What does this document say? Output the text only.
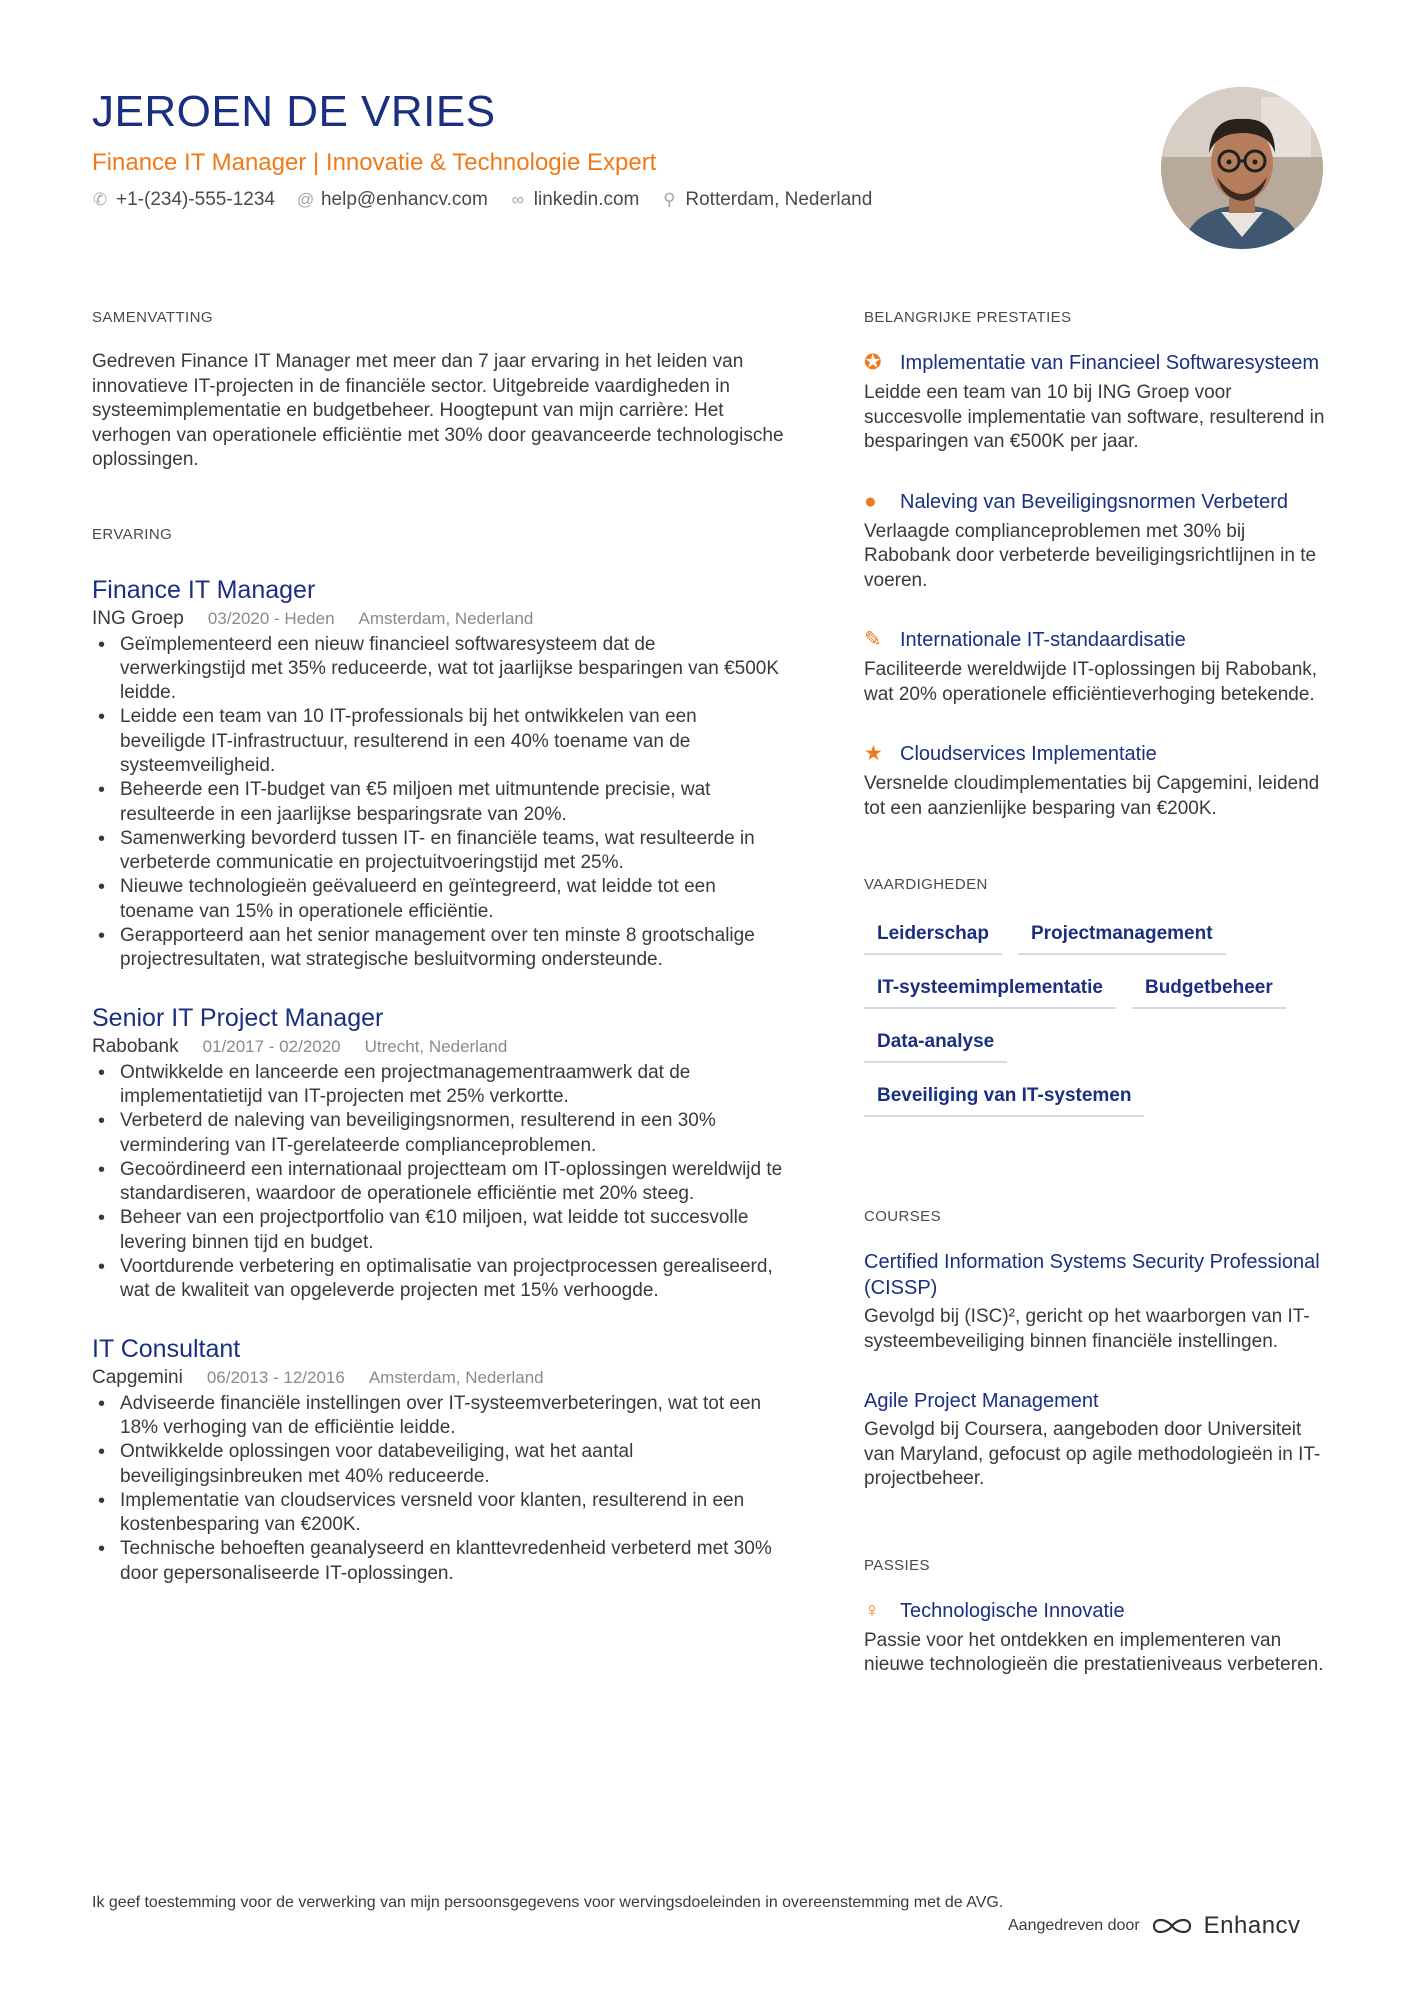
JEROEN DE VRIES
Finance IT Manager | Innovatie & Technologie Expert
✆ +1-(234)-555-1234 @ help@enhancv.com ∞ linkedin.com ⚲ Rotterdam, Nederland
SAMENVATTING
Gedreven Finance IT Manager met meer dan 7 jaar ervaring in het leiden van innovatieve IT-projecten in de financiële sector. Uitgebreide vaardigheden in systeemimplementatie en budgetbeheer. Hoogtepunt van mijn carrière: Het verhogen van operationele efficiëntie met 30% door geavanceerde technologische oplossingen.
ERVARING
Finance IT Manager
ING Groep 03/2020 - Heden Amsterdam, Nederland
• Geïmplementeerd een nieuw financieel softwaresysteem dat de verwerkingstijd met 35% reduceerde, wat tot jaarlijkse besparingen van €500K leidde.
• Leidde een team van 10 IT-professionals bij het ontwikkelen van een beveiligde IT-infrastructuur, resulterend in een 40% toename van de systeemveiligheid.
• Beheerde een IT-budget van €5 miljoen met uitmuntende precisie, wat resulteerde in een jaarlijkse besparingsrate van 20%.
• Samenwerking bevorderd tussen IT- en financiële teams, wat resulteerde in verbeterde communicatie en projectuitvoeringstijd met 25%.
• Nieuwe technologieën geëvalueerd en geïntegreerd, wat leidde tot een toename van 15% in operationele efficiëntie.
• Gerapporteerd aan het senior management over ten minste 8 grootschalige projectresultaten, wat strategische besluitvorming ondersteunde.
Senior IT Project Manager
Rabobank 01/2017 - 02/2020 Utrecht, Nederland
• Ontwikkelde en lanceerde een projectmanagementraamwerk dat de implementatietijd van IT-projecten met 25% verkortte.
• Verbeterd de naleving van beveiligingsnormen, resulterend in een 30% vermindering van IT-gerelateerde complianceproblemen.
• Gecoördineerd een internationaal projectteam om IT-oplossingen wereldwijd te standardiseren, waardoor de operationele efficiëntie met 20% steeg.
• Beheer van een projectportfolio van €10 miljoen, wat leidde tot succesvolle levering binnen tijd en budget.
• Voortdurende verbetering en optimalisatie van projectprocessen gerealiseerd, wat de kwaliteit van opgeleverde projecten met 15% verhoogde.
IT Consultant
Capgemini 06/2013 - 12/2016 Amsterdam, Nederland
• Adviseerde financiële instellingen over IT-systeemverbeteringen, wat tot een 18% verhoging van de efficiëntie leidde.
• Ontwikkelde oplossingen voor databeveiliging, wat het aantal beveiligingsinbreuken met 40% reduceerde.
• Implementatie van cloudservices versneld voor klanten, resulterend in een kostenbesparing van €200K.
• Technische behoeften geanalyseerd en klanttevredenheid verbeterd met 30% door gepersonaliseerde IT-oplossingen.
BELANGRIJKE PRESTATIES
✪ Implementatie van Financieel Softwaresysteem
Leidde een team van 10 bij ING Groep voor succesvolle implementatie van software, resulterend in besparingen van €500K per jaar.
●	Naleving van Beveiligingsnormen Verbeterd
Verlaagde complianceproblemen met 30% bij Rabobank door verbeterde beveiligingsrichtlijnen in te voeren.
✎ Internationale IT-standaardisatie
Faciliteerde wereldwijde IT-oplossingen bij Rabobank, wat 20% operationele efficiëntieverhoging betekende.
★ Cloudservices Implementatie
Versnelde cloudimplementaties bij Capgemini, leidend tot een aanzienlijke besparing van €200K.
VAARDIGHEDEN
Leiderschap	Projectmanagement
IT-systeemimplementatie	Budgetbeheer
Data-analyse
Beveiliging van IT-systemen
COURSES
Certified Information Systems Security Professional (CISSP)
Gevolgd bij (ISC)², gericht op het waarborgen van IT-systeembeveiliging binnen financiële instellingen.
Agile Project Management
Gevolgd bij Coursera, aangeboden door Universiteit van Maryland, gefocust op agile methodologieën in IT-projectbeheer.
PASSIES
♀	Technologische Innovatie
Passie voor het ontdekken en implementeren van nieuwe technologieën die prestatieniveaus verbeteren.
Ik geef toestemming voor de verwerking van mijn persoonsgegevens voor wervingsdoeleinden in overeenstemming met de AVG.
Aangedreven door	Enhancv
